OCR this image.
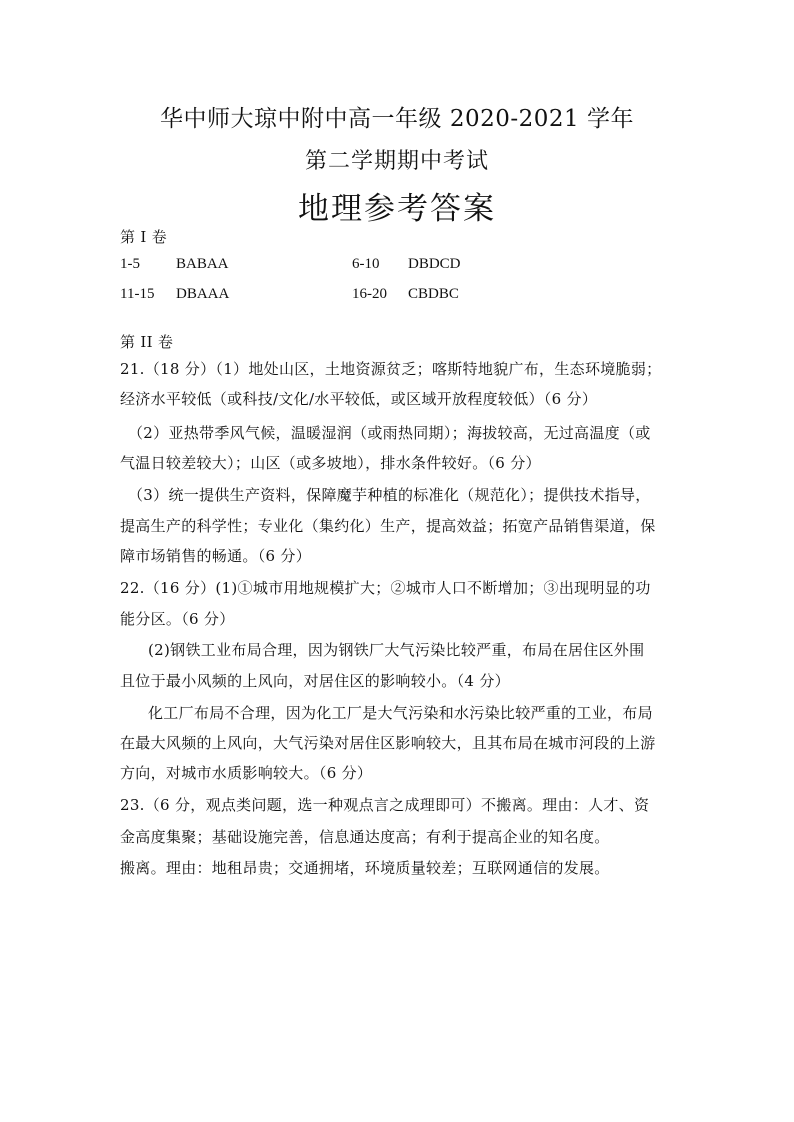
华中师大琼中附中高一年级 2020-2021 学年
第二学期期中考试
地理参考答案
第 I 卷
1-5 BABAA	6-10 DBDCD
11-15 DBAAA	16-20 CBDBC
第 II 卷
21.（18 分）（1）地处山区，土地资源贫乏；喀斯特地貌广布，生态环境脆弱；
经济水平较低（或科技/文化/水平较低，或区域开放程度较低）（6 分）
（2）亚热带季风气候，温暖湿润（或雨热同期）；海拔较高，无过高温度（或
气温日较差较大）；山区（或多坡地），排水条件较好。（6 分）
（3）统一提供生产资料，保障魔芋种植的标准化（规范化）；提供技术指导，
提高生产的科学性；专业化（集约化）生产，提高效益；拓宽产品销售渠道，保
障市场销售的畅通。（6 分）
22.（16 分）(1)①城市用地规模扩大；②城市人口不断增加；③出现明显的功
能分区。（6 分）
(2)钢铁工业布局合理，因为钢铁厂大气污染比较严重，布局在居住区外围
且位于最小风频的上风向，对居住区的影响较小。（4 分）
化工厂布局不合理，因为化工厂是大气污染和水污染比较严重的工业，布局
在最大风频的上风向，大气污染对居住区影响较大，且其布局在城市河段的上游
方向，对城市水质影响较大。（6 分）
23.（6 分，观点类问题，选一种观点言之成理即可）不搬离。理由：人才、资
金高度集聚；基础设施完善，信息通达度高；有利于提高企业的知名度。
搬离。理由：地租昂贵；交通拥堵，环境质量较差；互联网通信的发展。
